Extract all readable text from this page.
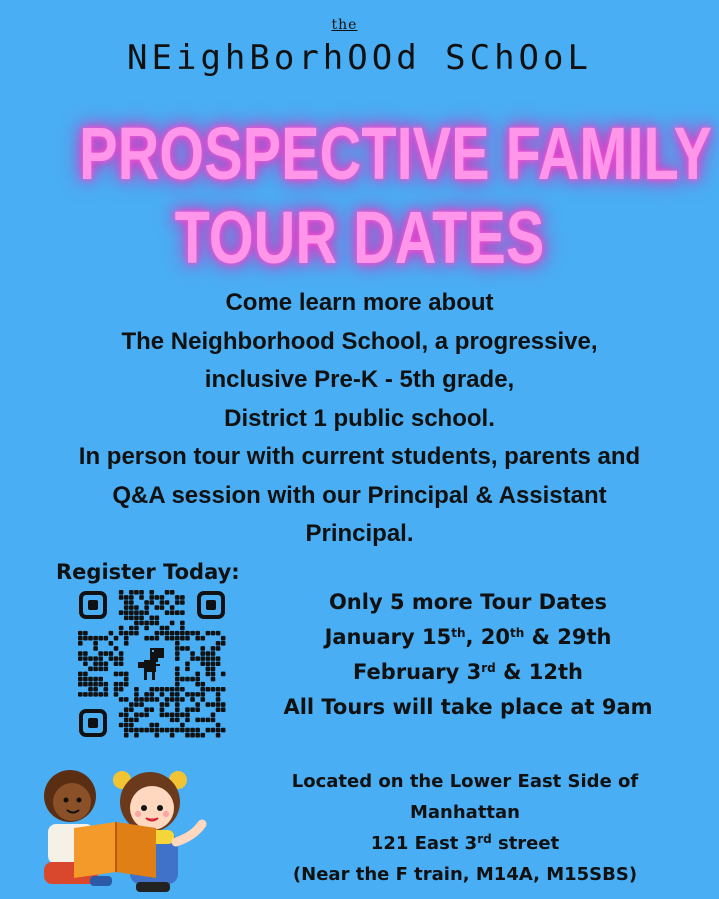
the
NEighBorhOOd SChOoL
PROSPECTIVE FAMILY
TOUR DATES
Come learn more about
The Neighborhood School, a progressive,
inclusive Pre-K - 5th grade,
District 1 public school.
In person tour with current students, parents and
Q&A session with our Principal & Assistant
Principal.
Register Today:
Only 5 more Tour Dates
January 15th, 20th & 29th
February 3rd & 12th
All Tours will take place at 9am
Located on the Lower East Side of
Manhattan
121 East 3rd street
(Near the F train, M14A, M15SBS)
